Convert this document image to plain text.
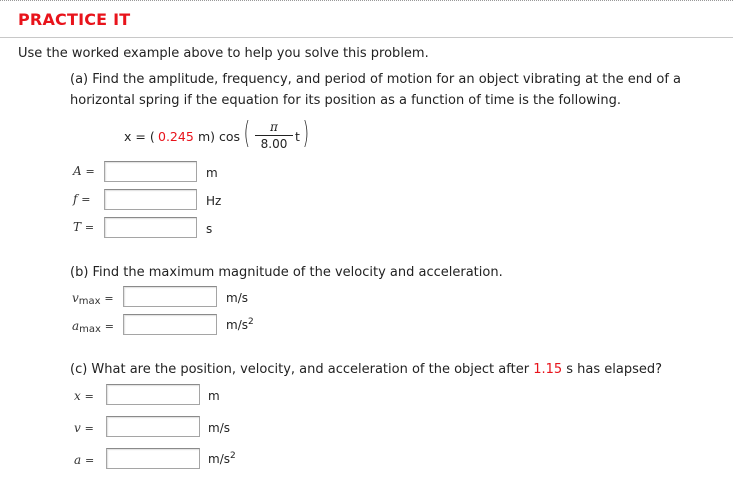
PRACTICE IT
Use the worked example above to help you solve this problem.
(a) Find the amplitude, frequency, and period of motion for an object vibrating at the end of a
horizontal spring if the equation for its position as a function of time is the following.
x = ( 0.245 m) cos (	π
8.00 t )
A =	m
f =	Hz
T =	s
(b) Find the maximum magnitude of the velocity and acceleration.
$v_{max}$ =	m/s
$a_{max}$ =	$m/s^2$
(c) What are the position, velocity, and acceleration of the object after 1.15 s has elapsed?
x =	m
v =	m/s
a =	$m/s^2$
